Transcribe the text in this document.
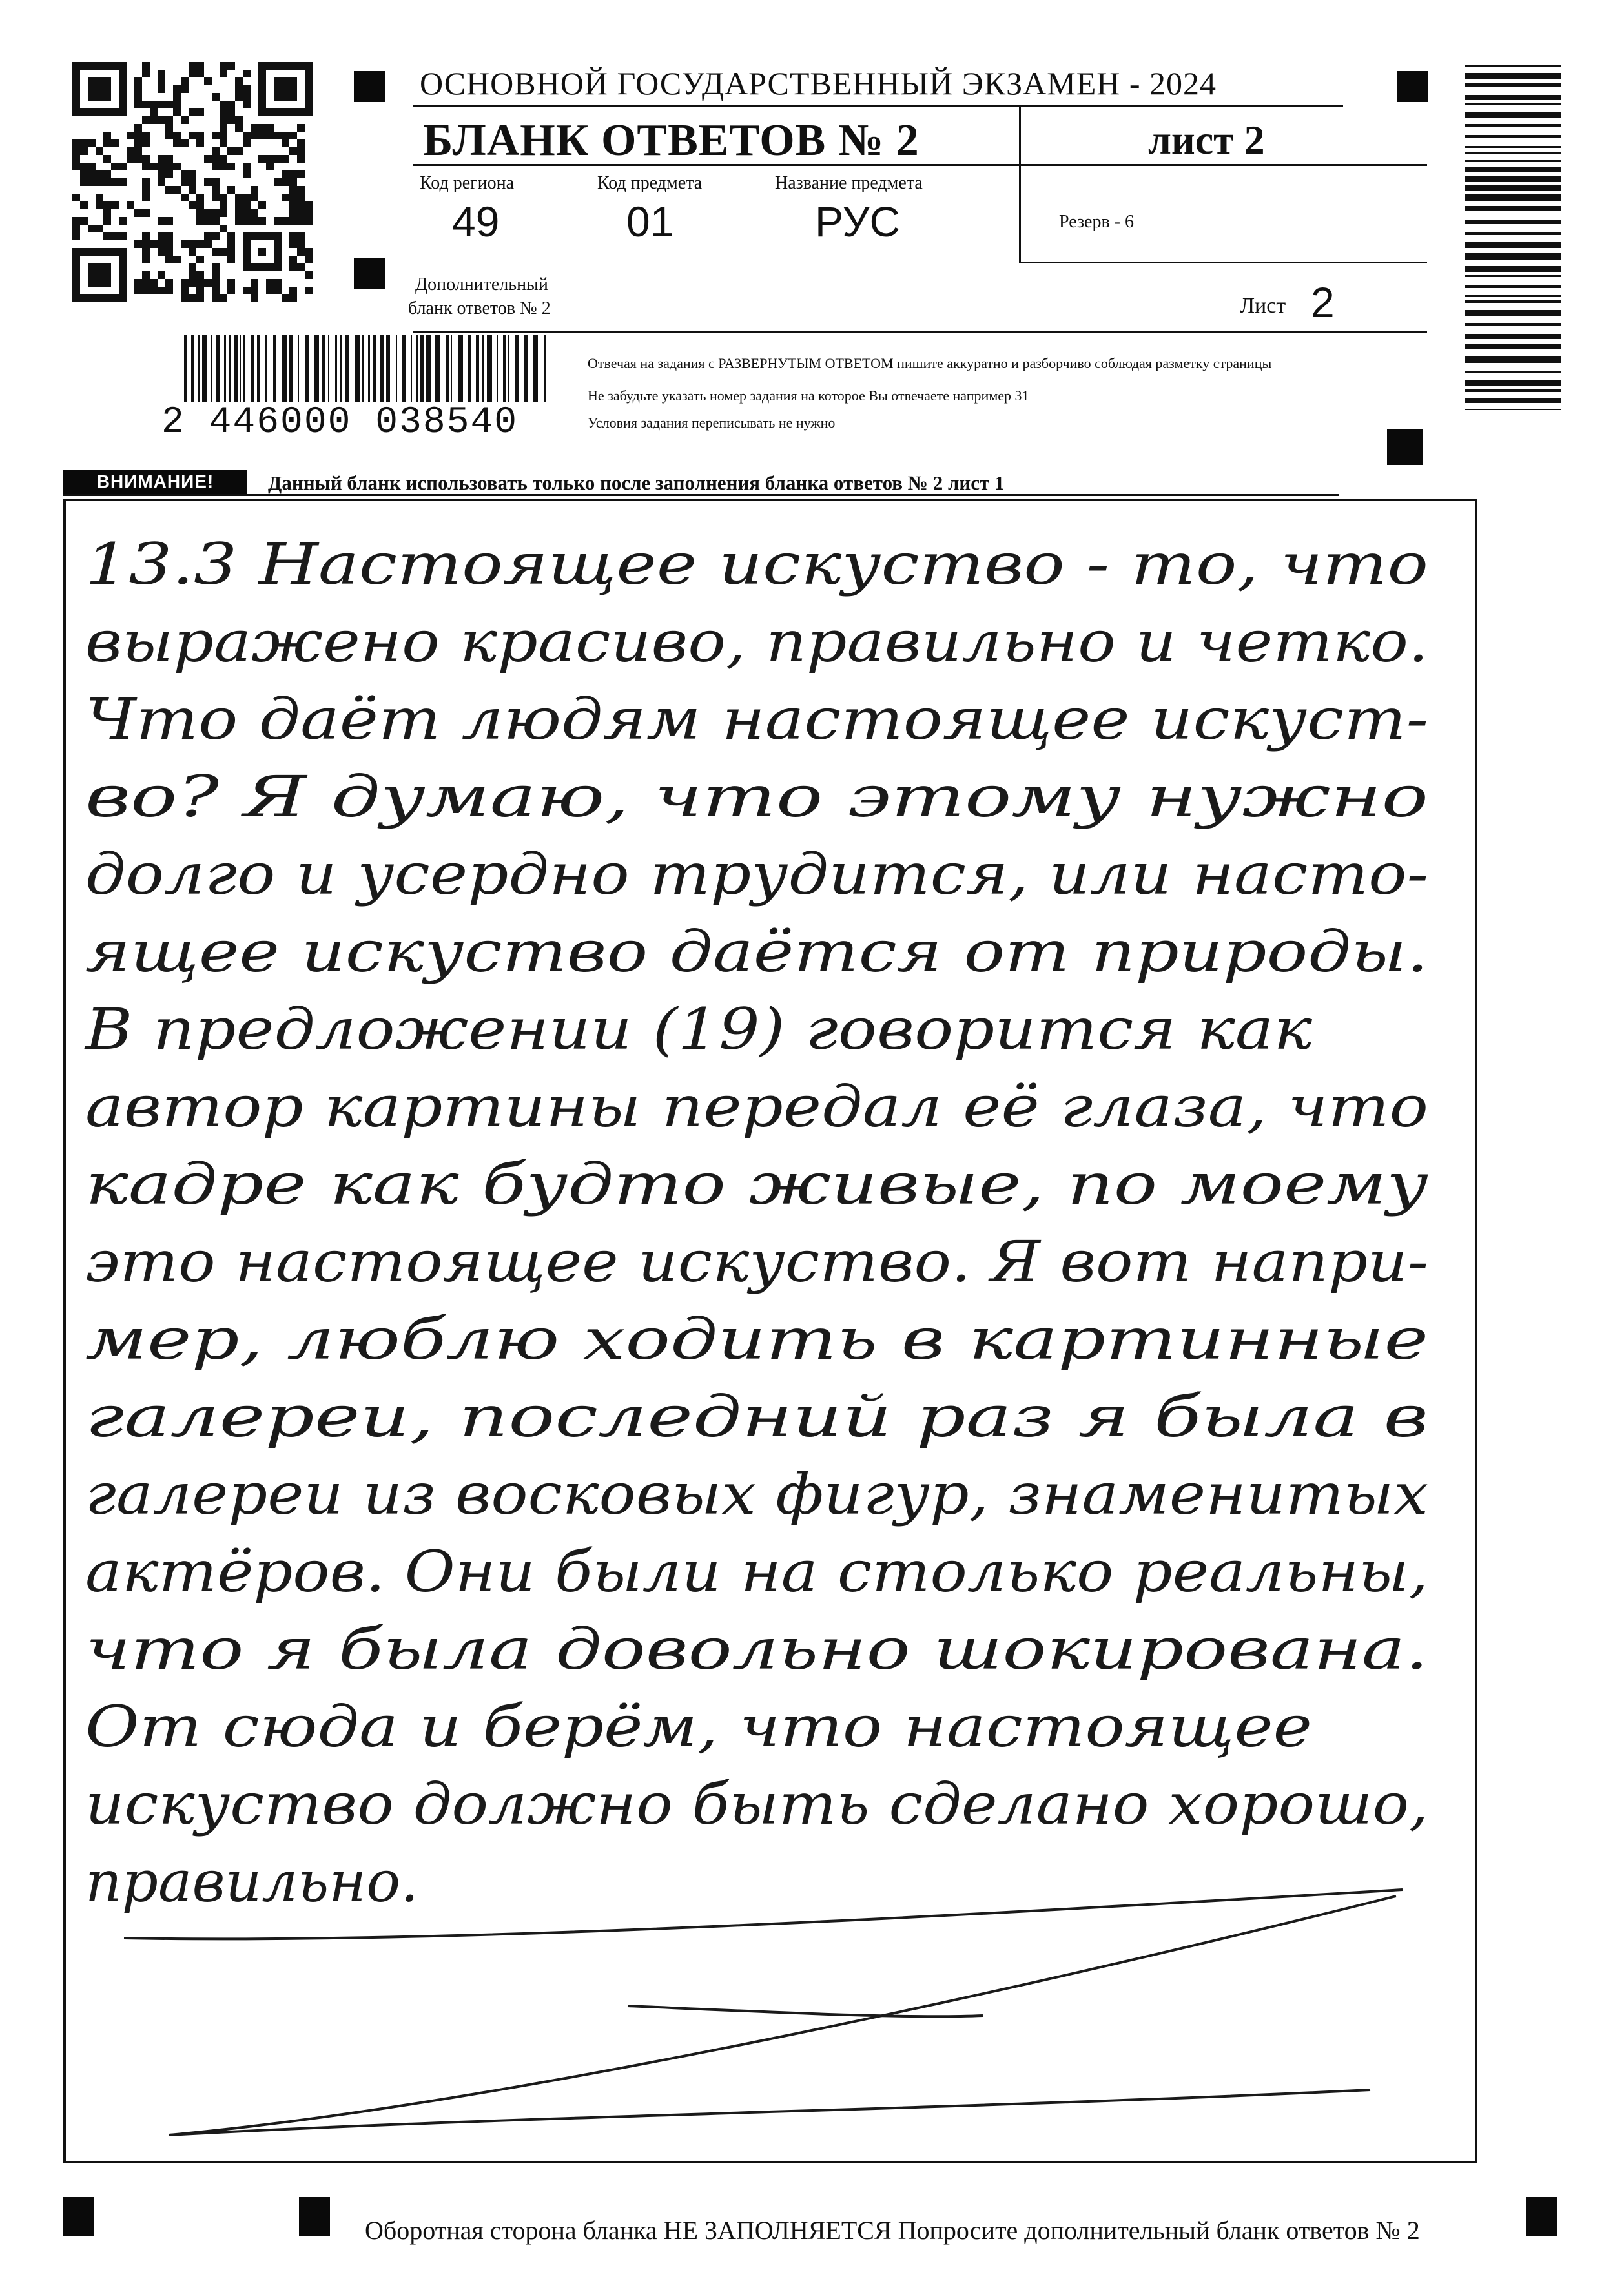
ОСНОВНОЙ ГОСУДАРСТВЕННЫЙ ЭКЗАМЕН - 2024
БЛАНК ОТВЕТОВ № 2	лист 2
Код региона
49
Код предмета
01
Название предмета
РУС	Резерв - 6
Дополнительный
бланк ответов № 2	Лист 2
Отвечая на задания с РАЗВЕРНУТЫМ ОТВЕТОМ пишите аккуратно и разборчиво соблюдая разметку страницы
Не забудьте указать номер задания на которое Вы отвечаете например 31
Условия задания переписывать не нужно
2 446000 038540
ВНИМАНИЕ!	Данный бланк использовать только после заполнения бланка ответов № 2 лист 1
13.3 Настоящее искуство - то, что
выражено красиво, правильно и четко.
Что даёт людям настоящее искуст-
во? Я думаю, что этому нужно
долго и усердно трудится, или насто-
ящее искуство даётся от природы.
В предложении (19) говорится как
автор картины передал её глаза, что
кадре как будто живые, по моему
это настоящее искуство. Я вот напри-
мер, люблю ходить в картинные
галереи, последний раз я была в
галереи из восковых фигур, знаменитых
актёров. Они были на столько реальны,
что я была довольно шокирована.
От сюда и берём, что настоящее
искуство должно быть сделано хорошо,
правильно.
Оборотная сторона бланка НЕ ЗАПОЛНЯЕТСЯ Попросите дополнительный бланк ответов № 2
